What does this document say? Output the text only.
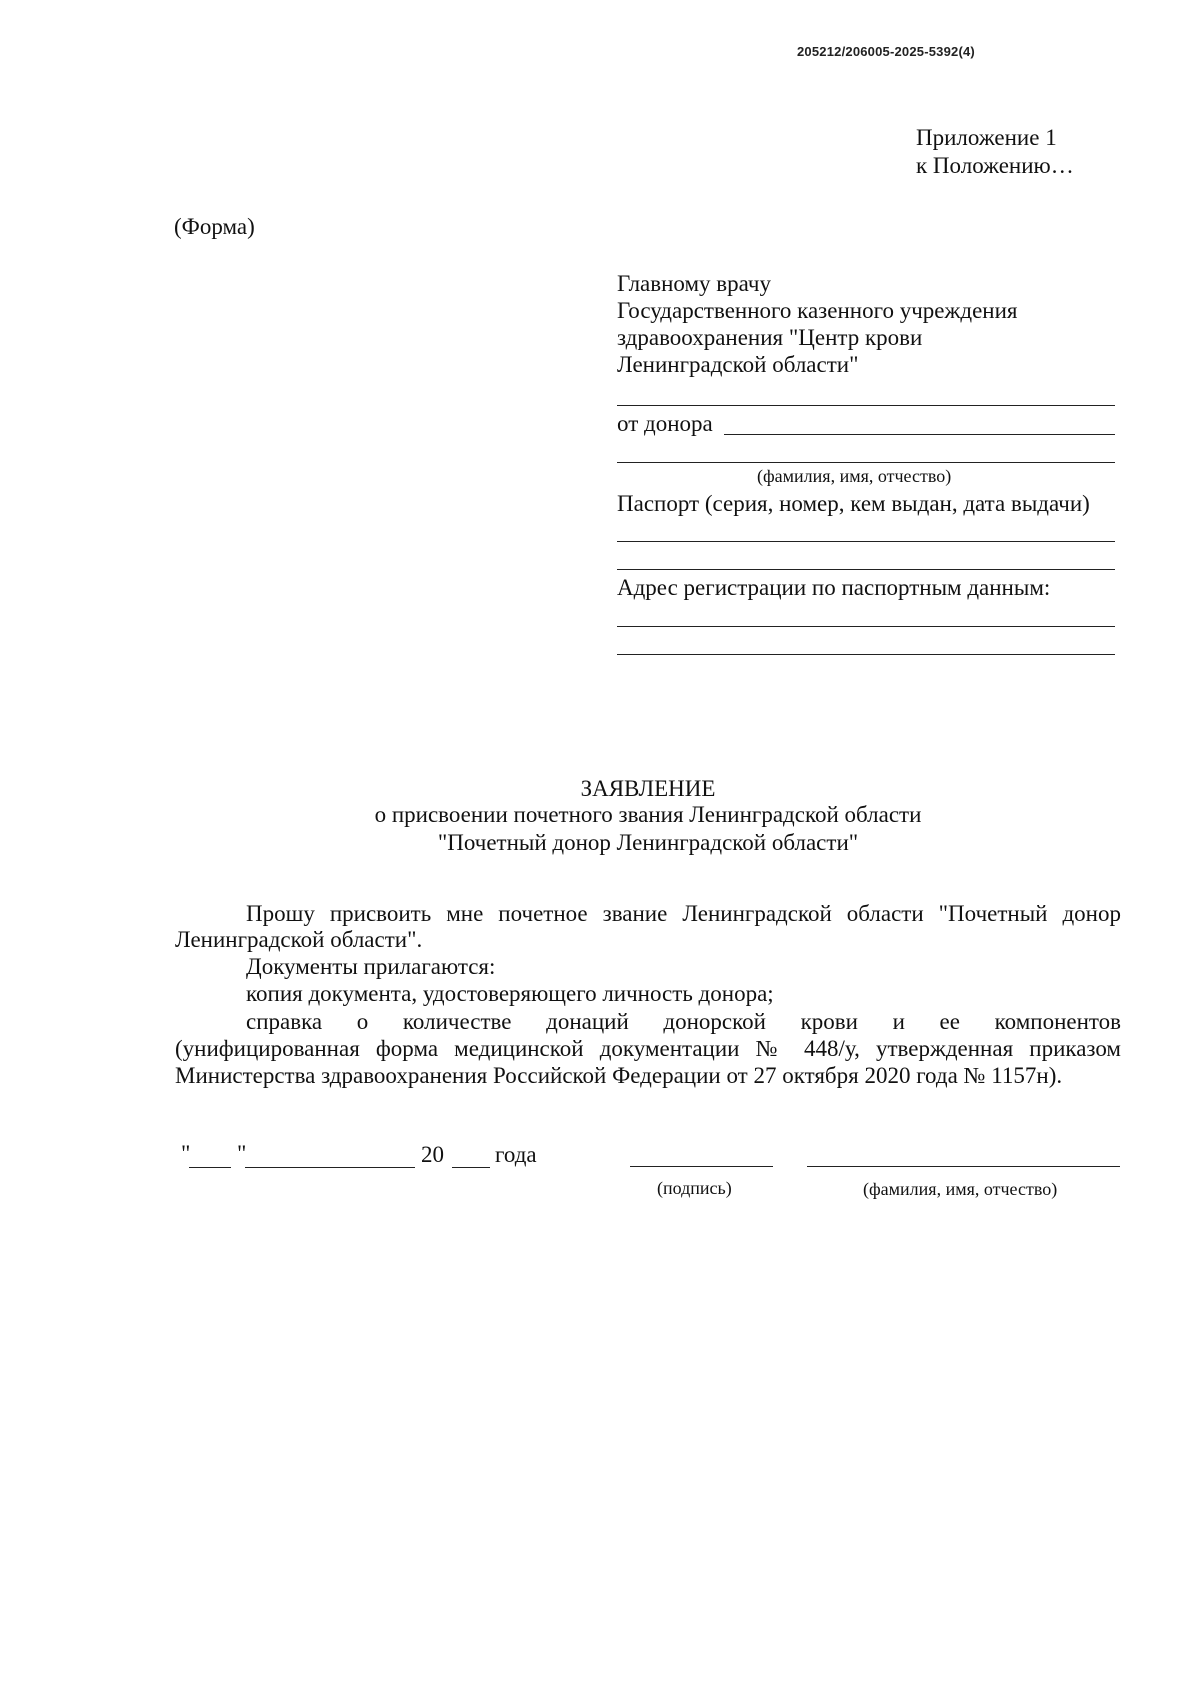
205212/206005-2025-5392(4)
Приложение 1
к Положению…
(Форма)
Главному врачу
Государственного казенного учреждения
здравоохранения "Центр крови
Ленинградской области"
от донора
(фамилия, имя, отчество)
Паспорт (серия, номер, кем выдан, дата выдачи)
Адрес регистрации по паспортным данным:
ЗАЯВЛЕНИЕ
о присвоении почетного звания Ленинградской области
"Почетный донор Ленинградской области"
Прошу присвоить мне почетное звание Ленинградской области "Почетный донор
Ленинградской области".
Документы прилагаются:
копия документа, удостоверяющего личность донора;
справка о количестве донаций донорской крови и ее компонентов
(унифицированная форма медицинской документации № 448/у, утвержденная приказом
Министерства здравоохранения Российской Федерации от 27 октября 2020 года № 1157н).
" "	20 года
(подпись)	(фамилия, имя, отчество)
